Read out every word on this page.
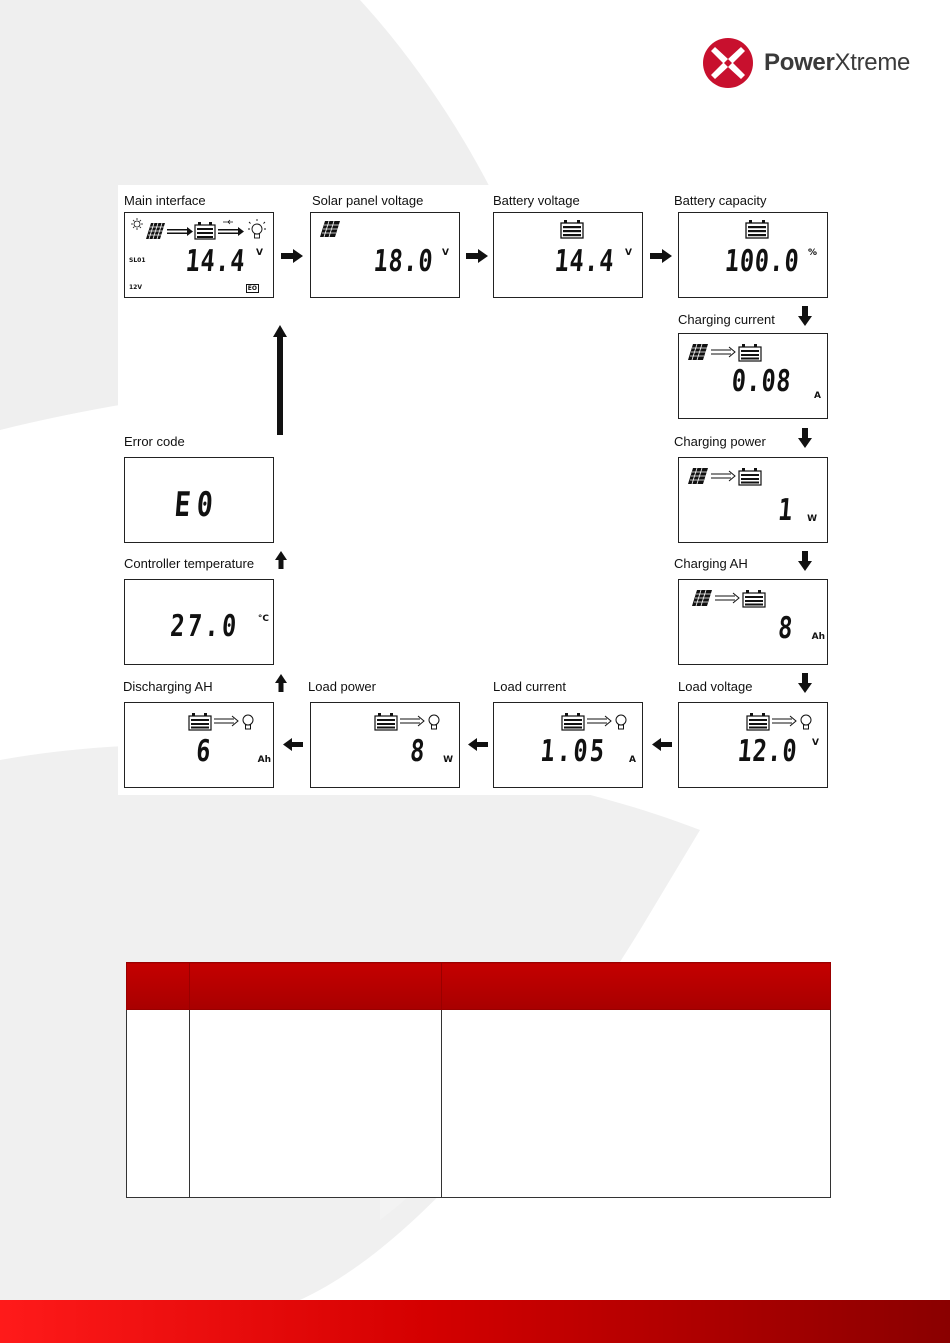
PowerXtreme
Main interface	Solar panel voltage	Battery voltage	Battery capacity
SL01 14.4 V
12V	EO
18.0 V	14.4 V	100.0 %
Charging current
0.08 A
Charging power
1 W
Charging AH
8 Ah
Error code
E0
Controller temperature
27.0 °C
Discharging AH	Load power	Load current	Load voltage
6	Ah	8 W	1.05 A	12.0 V
